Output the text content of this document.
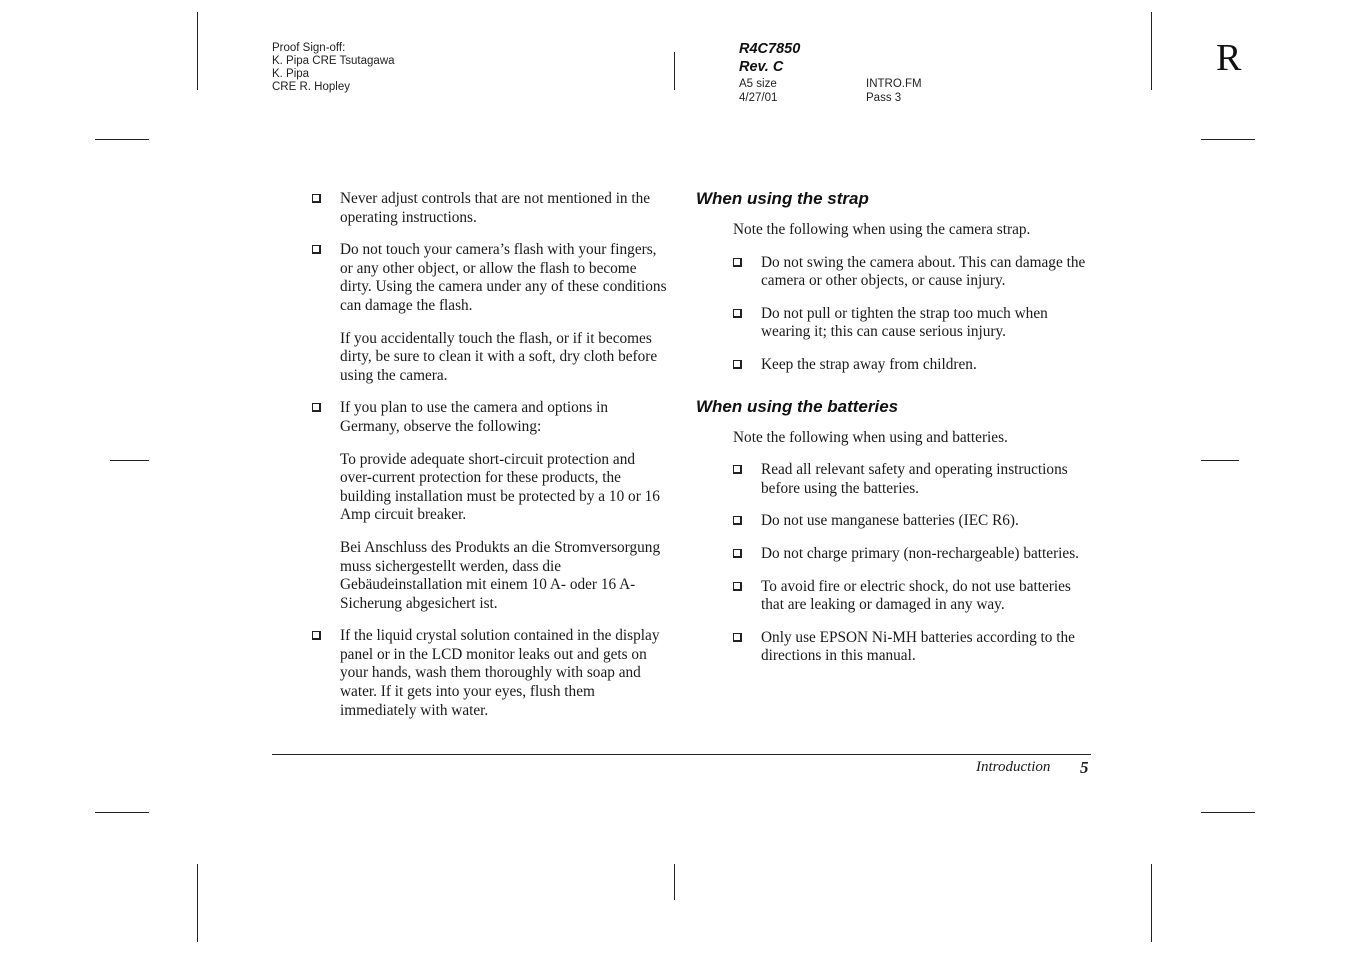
Proof Sign-off:
K. Pipa CRE Tsutagawa
K. Pipa
CRE R. Hopley
R4C7850
Rev. C
A5 size
4/27/01
INTRO.FM
Pass 3
R
Never adjust controls that are not mentioned in the operating instructions.
Do not touch your camera’s flash with your fingers, or any other object, or allow the flash to become dirty. Using the camera under any of these conditions can damage the flash.
If you accidentally touch the flash, or if it becomes dirty, be sure to clean it with a soft, dry cloth before using the camera.
If you plan to use the camera and options in Germany, observe the following:
To provide adequate short-circuit protection and over-current protection for these products, the building installation must be protected by a 10 or 16 Amp circuit breaker.
Bei Anschluss des Produkts an die Stromversorgung muss sichergestellt werden, dass die Gebäudeinstallation mit einem 10 A- oder 16 A-Sicherung abgesichert ist.
If the liquid crystal solution contained in the display panel or in the LCD monitor leaks out and gets on your hands, wash them thoroughly with soap and water. If it gets into your eyes, flush them immediately with water.
When using the strap
Note the following when using the camera strap.
Do not swing the camera about. This can damage the camera or other objects, or cause injury.
Do not pull or tighten the strap too much when wearing it; this can cause serious injury.
Keep the strap away from children.
When using the batteries
Note the following when using and batteries.
Read all relevant safety and operating instructions before using the batteries.
Do not use manganese batteries (IEC R6).
Do not charge primary (non-rechargeable) batteries.
To avoid fire or electric shock, do not use batteries that are leaking or damaged in any way.
Only use EPSON Ni-MH batteries according to the directions in this manual.
Introduction 5
